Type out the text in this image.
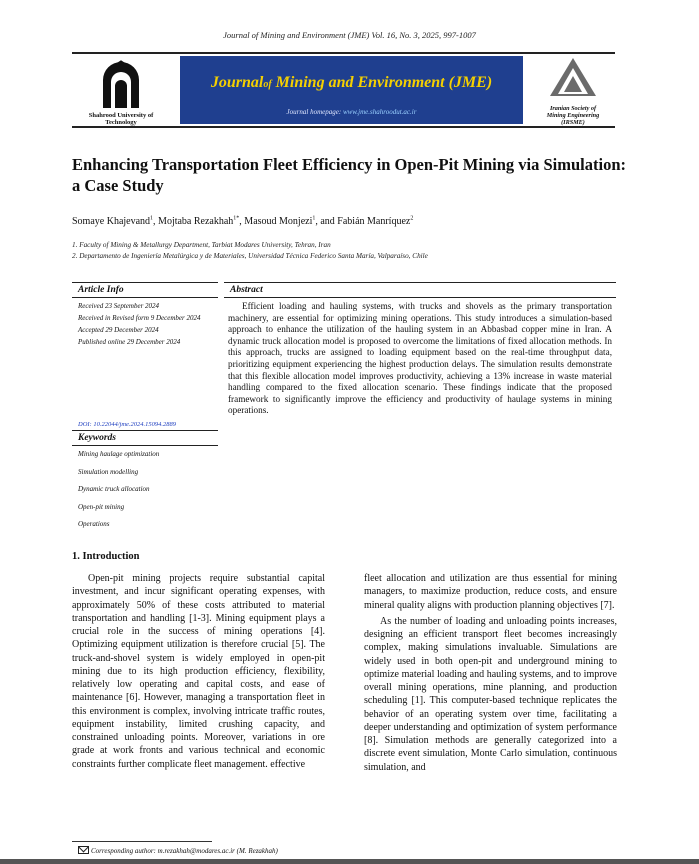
Journal of Mining and Environment (JME) Vol. 16, No. 3, 2025, 997-1007
Shahrood University of
Technology
Journalof Mining and Environment (JME)
Journal homepage: www.jme.shahroodut.ac.ir	Iranian Society of
Mining Engineering
(IRSME)
Enhancing Transportation Fleet Efficiency in Open-Pit Mining via Simulation: a Case Study
Somaye Khajevand$^1$, Mojtaba Rezakhah$^{1*}$, Masoud Monjezi$^1$, and Fabián Manríquez$^2$
1. Faculty of Mining & Metallurgy Department, Tarbiat Modares University, Tehran, Iran
2. Departamento de Ingeniería Metalúrgica y de Materiales, Universidad Técnica Federico Santa María, Valparaíso, Chile
Article Info
Received 23 September 2024
Received in Revised form 9 December 2024
Accepted 29 December 2024
Published online 29 December 2024
DOI: 10.22044/jme.2024.15094.2889
Keywords
Mining haulage optimization
Simulation modelling
Dynamic truck allocation
Open-pit mining
Operations
Abstract
Efficient loading and hauling systems, with trucks and shovels as the primary transportation machinery, are essential for optimizing mining operations. This study introduces a simulation-based approach to enhance the utilization of the hauling system in an Abbasbad copper mine in Iran. A dynamic truck allocation model is proposed to overcome the limitations of fixed allocation methods. In this approach, trucks are assigned to loading equipment based on the real-time throughput data, prioritizing equipment experiencing the highest production delays. The simulation results demonstrate that this flexible allocation model improves productivity, achieving a 13% increase in waste material handling compared to the fixed allocation scenario. These findings indicate that the proposed framework to significantly improve the efficiency and productivity of haulage systems in mining operations.
1. Introduction

Open-pit mining projects require substantial capital investment, and incur significant operating expenses, with approximately 50% of these costs attributed to material transportation and handling [1-3]. Mining equipment plays a crucial role in the success of mining operations [4]. Optimizing equipment utilization is therefore crucial [5]. The truck-and-shovel system is widely employed in open-pit mining due to its high production efficiency, flexibility, relatively low operating and capital costs, and ease of maintenance [6]. However, managing a transportation fleet in this environment is complex, involving intricate traffic routes, equipment instability, limited crushing capacity, and constrained unloading points. Moreover, variations in ore grade at work fronts and various technical and economic constraints further complicate fleet management. effective

fleet allocation and utilization are thus essential for mining managers, to maximize production, reduce costs, and ensure mineral quality aligns with production planning objectives [7].

As the number of loading and unloading points increases, designing an efficient transport fleet becomes increasingly complex, making simulations invaluable. Simulations are widely used in both open-pit and underground mining to optimize material loading and hauling systems, and to improve overall mining operations, mine planning, and production scheduling [1]. This computer-based technique replicates the behavior of an operating system over time, facilitating a deeper understanding and optimization of system performance [8]. Simulation methods are generally categorized into a discrete event simulation, Monte Carlo simulation, continuous simulation, and

Corresponding author: m.rezakhah@modares.ac.ir (M. Rezakhah)
